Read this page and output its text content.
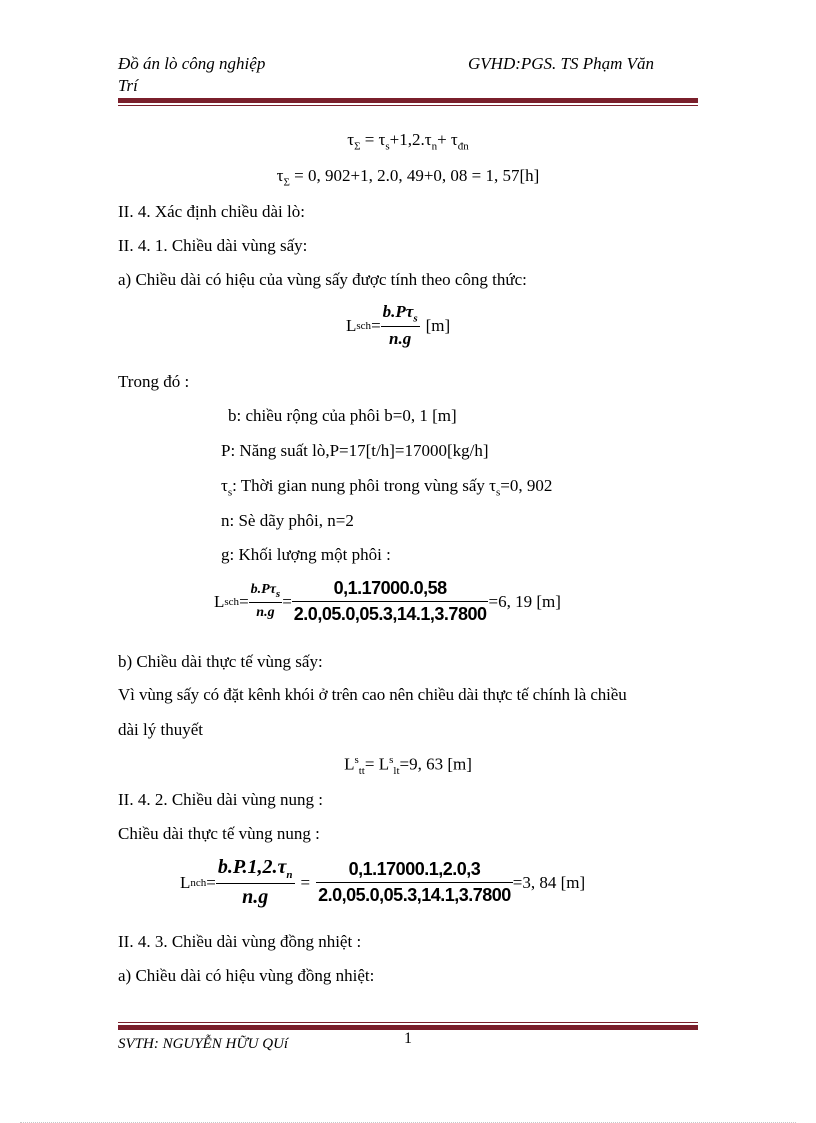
Đồ án lò công nghiệp
Trí
GVHD:PGS. TS Phạm Văn
$\tau_\Sigma = \tau_s+1,2.\tau_n+ \tau_{đn}$
$\tau_\Sigma = 0$, 902+1, 2.0, 49+0, 08 = 1, 57[h]
II. 4. Xác định chiều dài lò:
II. 4. 1. Chiều dài vùng sấy:
a) Chiều dài có hiệu của vùng sấy được tính theo công thức:
L s ch = $\frac{b.P\tau_s}{n.g} [m]$
Trong đó :
b: chiều rộng của phôi b=0, 1 [m]
P: Năng suất lò,P=17[t/h]=17000[kg/h]
$\tau_s$: Thời gian nung phôi trong vùng sấy $\tau_s=0$, 902
n: Sè dãy phôi, n=2
g: Khối lượng một phôi :
L s ch = $\frac{b.P\tau_s}{n.g} = \frac{0,1.17000.0,58}{2.0,05.0,05.3,14.1,3.7800} =6$, 19 [m]
b) Chiều dài thực tế vùng sấy:
Vì vùng sấy có đặt kênh khói ở trên cao nên chiều dài thực tế chính là chiều
dài lý thuyết
$L^s_{tt}= L^s_{lt}=9$, 63 [m]
II. 4. 2. Chiều dài vùng nung :
Chiều dài thực tế vùng nung :
L n ch = $\frac{b.P.1,2.\tau_n}{n.g} = \frac{0,1.17000.1,2.0,3}{2.0,05.0,05.3,14.1,3.7800} =3$, 84 [m]
II. 4. 3. Chiều dài vùng đồng nhiệt :
a) Chiều dài có hiệu vùng đồng nhiệt:
1
SVTH: NGUYỄN HỮU QUí
